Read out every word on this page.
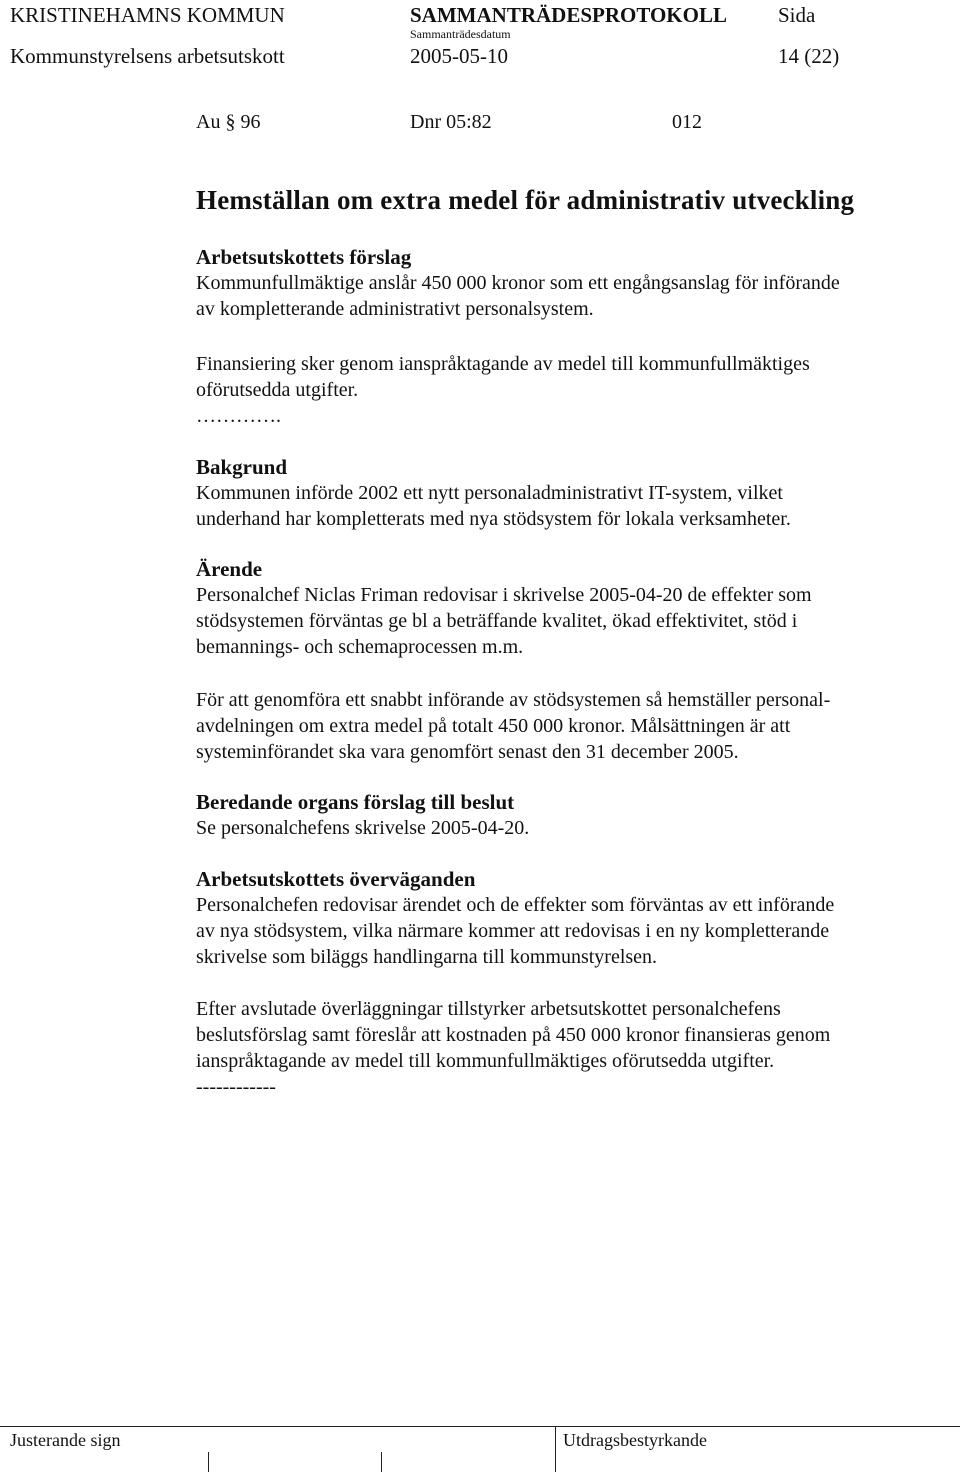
KRISTINEHAMNS KOMMUN	SAMMANTRÄDESPROTOKOLL Sida
Sammanträdesdatum
Kommunstyrelsens arbetsutskott	2005-05-10	14 (22)
Au § 96	Dnr 05:82	012
Hemställan om extra medel för administrativ utveckling
Arbetsutskottets förslag
Kommunfullmäktige anslår 450 000 kronor som ett engångsanslag för införande
av kompletterande administrativt personalsystem.
Finansiering sker genom ianspråktagande av medel till kommunfullmäktiges
oförutsedda utgifter.
………….
Bakgrund
Kommunen införde 2002 ett nytt personaladministrativt IT-system, vilket
underhand har kompletterats med nya stödsystem för lokala verksamheter.
Ärende
Personalchef Niclas Friman redovisar i skrivelse 2005-04-20 de effekter som
stödsystemen förväntas ge bl a beträffande kvalitet, ökad effektivitet, stöd i
bemannings- och schemaprocessen m.m.
För att genomföra ett snabbt införande av stödsystemen så hemställer personal-
avdelningen om extra medel på totalt 450 000 kronor. Målsättningen är att
systeminförandet ska vara genomfört senast den 31 december 2005.
Beredande organs förslag till beslut
Se personalchefens skrivelse 2005-04-20.
Arbetsutskottets överväganden
Personalchefen redovisar ärendet och de effekter som förväntas av ett införande
av nya stödsystem, vilka närmare kommer att redovisas i en ny kompletterande
skrivelse som biläggs handlingarna till kommunstyrelsen.
Efter avslutade överläggningar tillstyrker arbetsutskottet personalchefens
beslutsförslag samt föreslår att kostnaden på 450 000 kronor finansieras genom
ianspråktagande av medel till kommunfullmäktiges oförutsedda utgifter.
------------
Justerande sign	Utdragsbestyrkande
